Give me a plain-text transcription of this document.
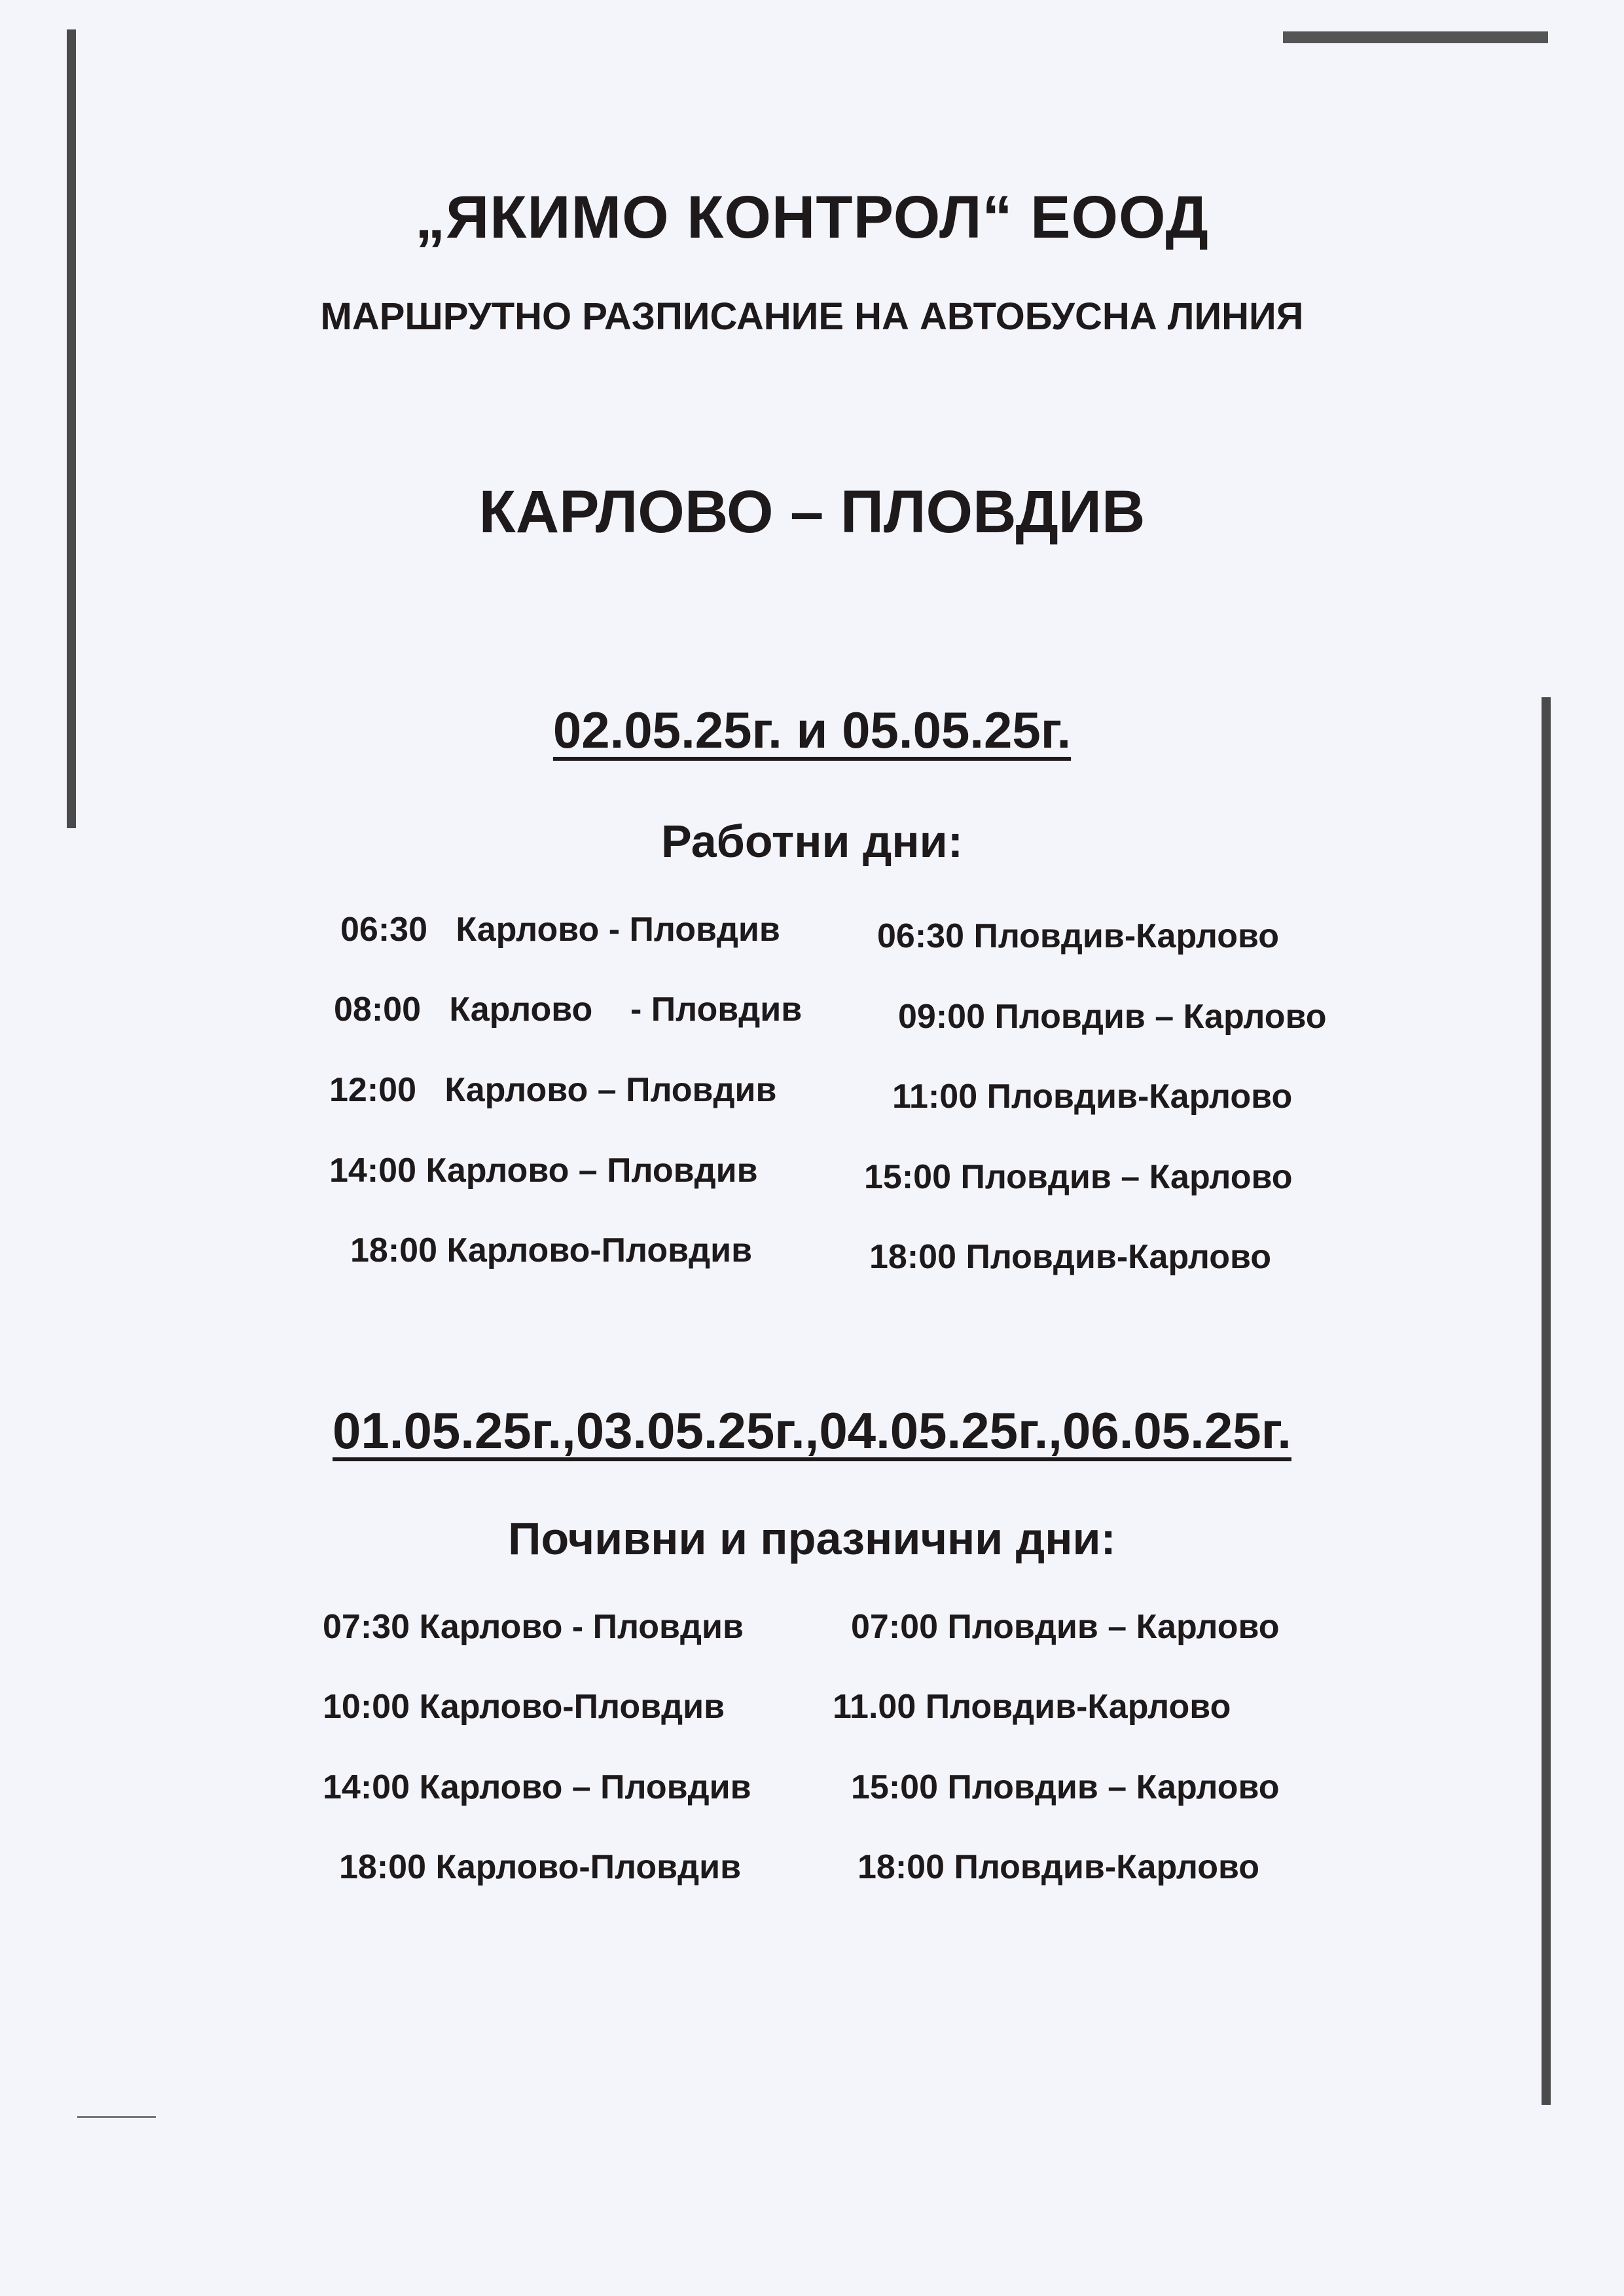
„ЯКИМО КОНТРОЛ“ ЕООД
МАРШРУТНО РАЗПИСАНИЕ НА АВТОБУСНА ЛИНИЯ
КАРЛОВО – ПЛОВДИВ
02.05.25г. и 05.05.25г.
Работни дни:
06:30   Карлово - Пловдив
08:00   Карлово    - Пловдив
12:00   Карлово – Пловдив
14:00 Карлово – Пловдив
18:00 Карлово-Пловдив
06:30 Пловдив-Карлово
09:00 Пловдив – Карлово
11:00 Пловдив-Карлово
15:00 Пловдив – Карлово
18:00 Пловдив-Карлово
01.05.25г.,03.05.25г.,04.05.25г.,06.05.25г.
Почивни и празнични дни:
07:30 Карлово - Пловдив
10:00 Карлово-Пловдив
14:00 Карлово – Пловдив
18:00 Карлово-Пловдив
07:00 Пловдив – Карлово
11.00 Пловдив-Карлово
15:00 Пловдив – Карлово
18:00 Пловдив-Карлово
